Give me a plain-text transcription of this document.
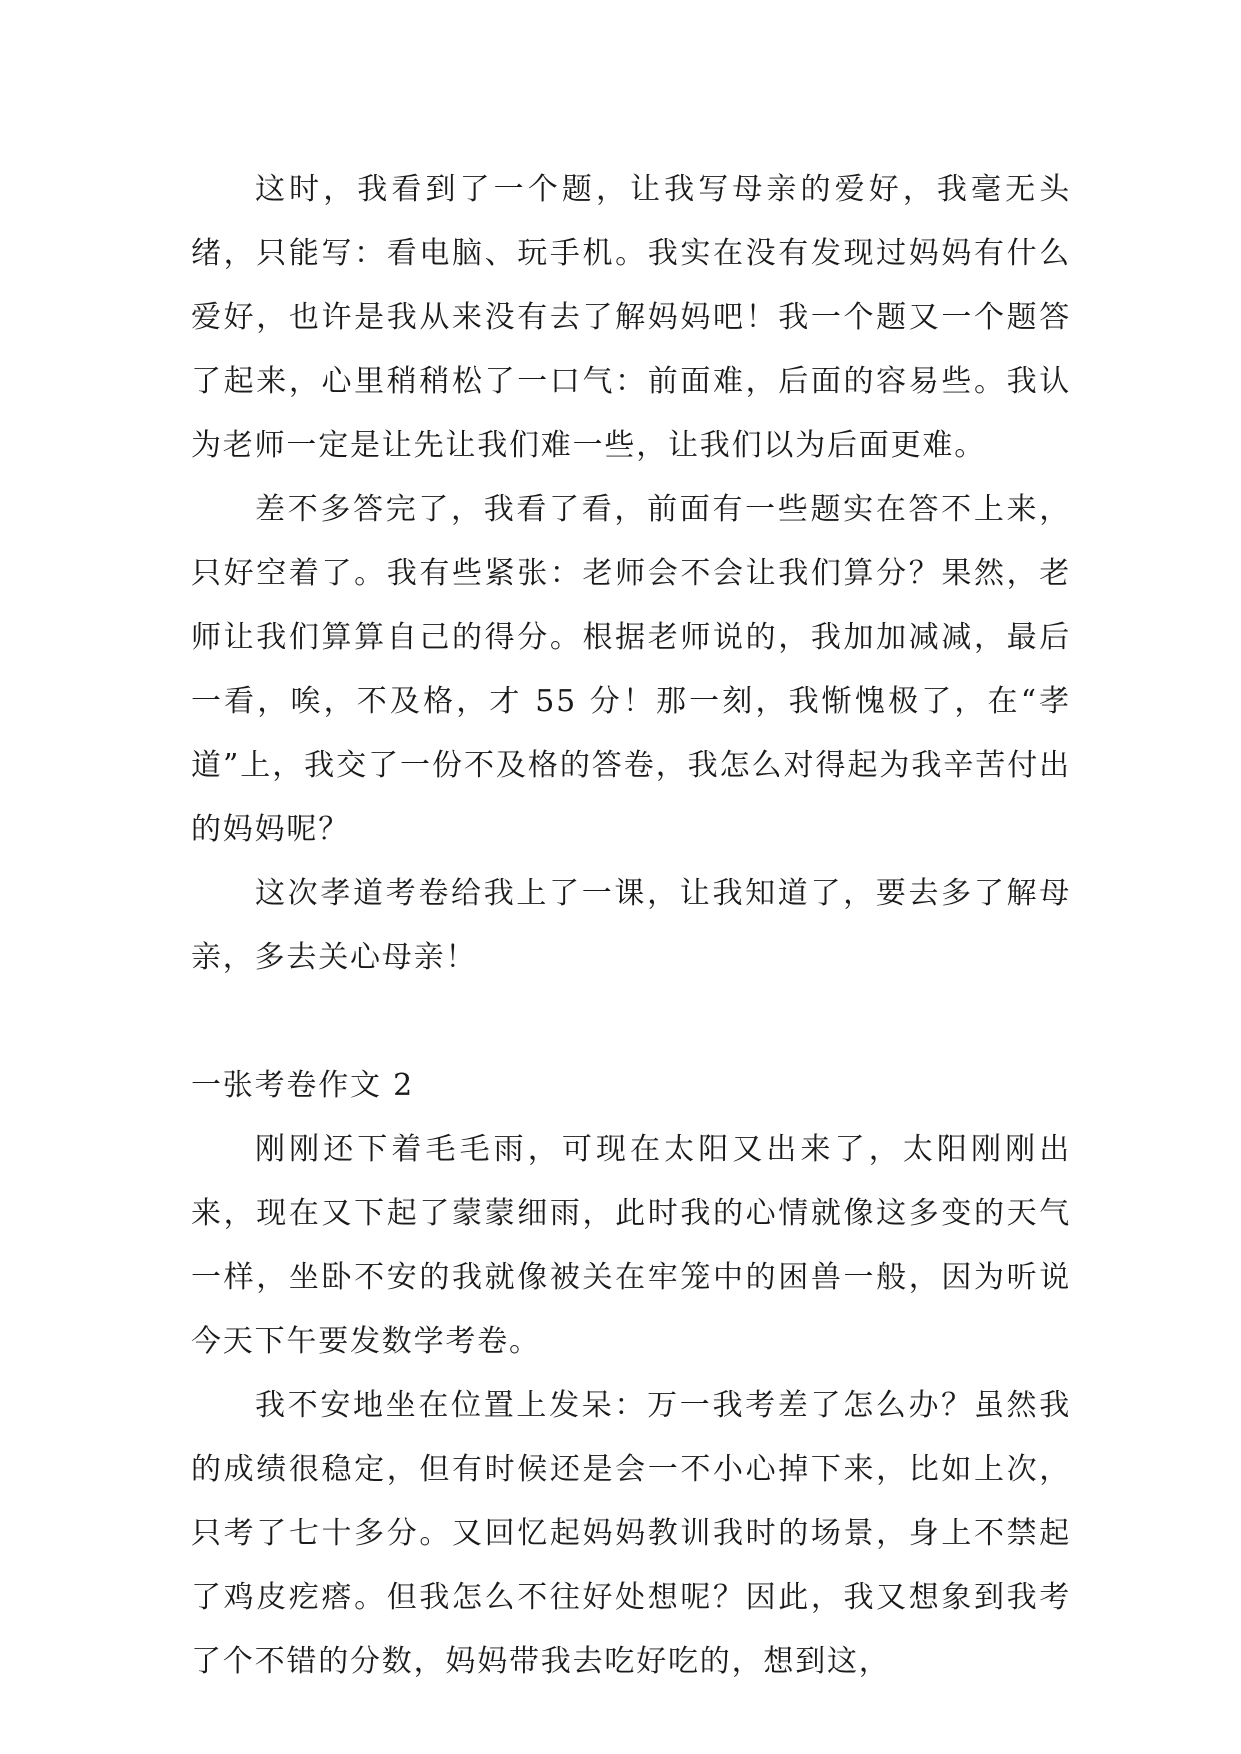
这时，我看到了一个题，让我写母亲的爱好，我毫无头绪，只能写：看电脑、玩手机。我实在没有发现过妈妈有什么爱好，也许是我从来没有去了解妈妈吧！我一个题又一个题答了起来，心里稍稍松了一口气：前面难，后面的容易些。我认为老师一定是让先让我们难一些，让我们以为后面更难。

差不多答完了，我看了看，前面有一些题实在答不上来，只好空着了。我有些紧张：老师会不会让我们算分？果然，老师让我们算算自己的得分。根据老师说的，我加加减减，最后一看，唉，不及格，才 55 分！那一刻，我惭愧极了，在“孝道”上，我交了一份不及格的答卷，我怎么对得起为我辛苦付出的妈妈呢？

这次孝道考卷给我上了一课，让我知道了，要去多了解母亲，多去关心母亲！

一张考卷作文 2

刚刚还下着毛毛雨，可现在太阳又出来了，太阳刚刚出来，现在又下起了蒙蒙细雨，此时我的心情就像这多变的天气一样，坐卧不安的我就像被关在牢笼中的困兽一般，因为听说今天下午要发数学考卷。

我不安地坐在位置上发呆：万一我考差了怎么办？虽然我的成绩很稳定，但有时候还是会一不小心掉下来，比如上次，只考了七十多分。又回忆起妈妈教训我时的场景，身上不禁起了鸡皮疙瘩。但我怎么不往好处想呢？因此，我又想象到我考了个不错的分数，妈妈带我去吃好吃的，想到这，
